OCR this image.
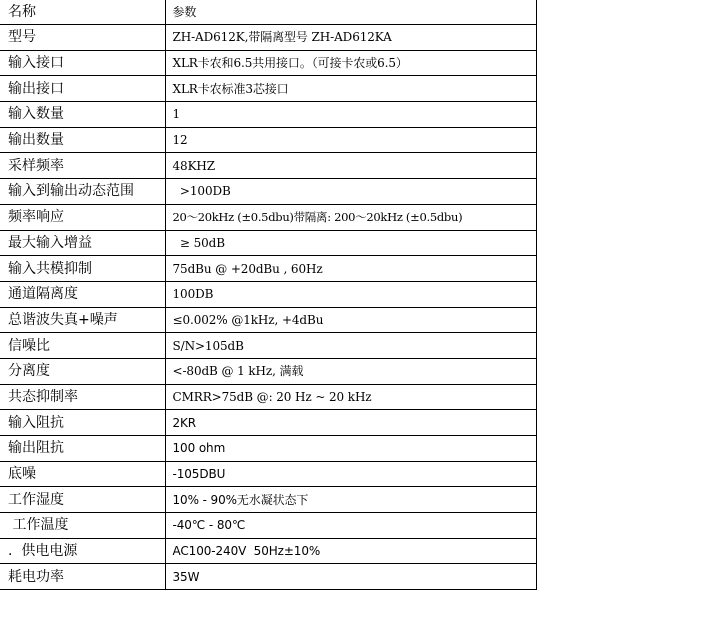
名称	参数
型号	ZH-AD612K,带隔离型号 ZH-AD612KA
输入接口	XLR卡农和6.5共用接口。（可接卡农或6.5）
输出接口	XLR卡农标准3芯接口
输入数量	1
输出数量	12
采样频率	48KHZ
输入到输出动态范围	>100DB
频率响应	20～20kHz (±0.5dbu)带隔离: 200～20kHz (±0.5dbu)
最大输入增益	≥ 50dB
输入共模抑制	75dBu @ +20dBu , 60Hz
通道隔离度	100DB
总谐波失真+噪声	≤0.002% @1kHz, +4dBu
信噪比	S/N>105dB
分离度	<-80dB @ 1 kHz, 满载
共态抑制率	CMRR>75dB @: 20 Hz ~ 20 kHz
输入阻抗	2KR
输出阻抗	100 ohm
底噪	-105DBU
工作湿度	10% - 90%无水凝状态下
工作温度	-40℃ - 80℃
.  供电电源	AC100-240V  50Hz±10%
耗电功率	35W
